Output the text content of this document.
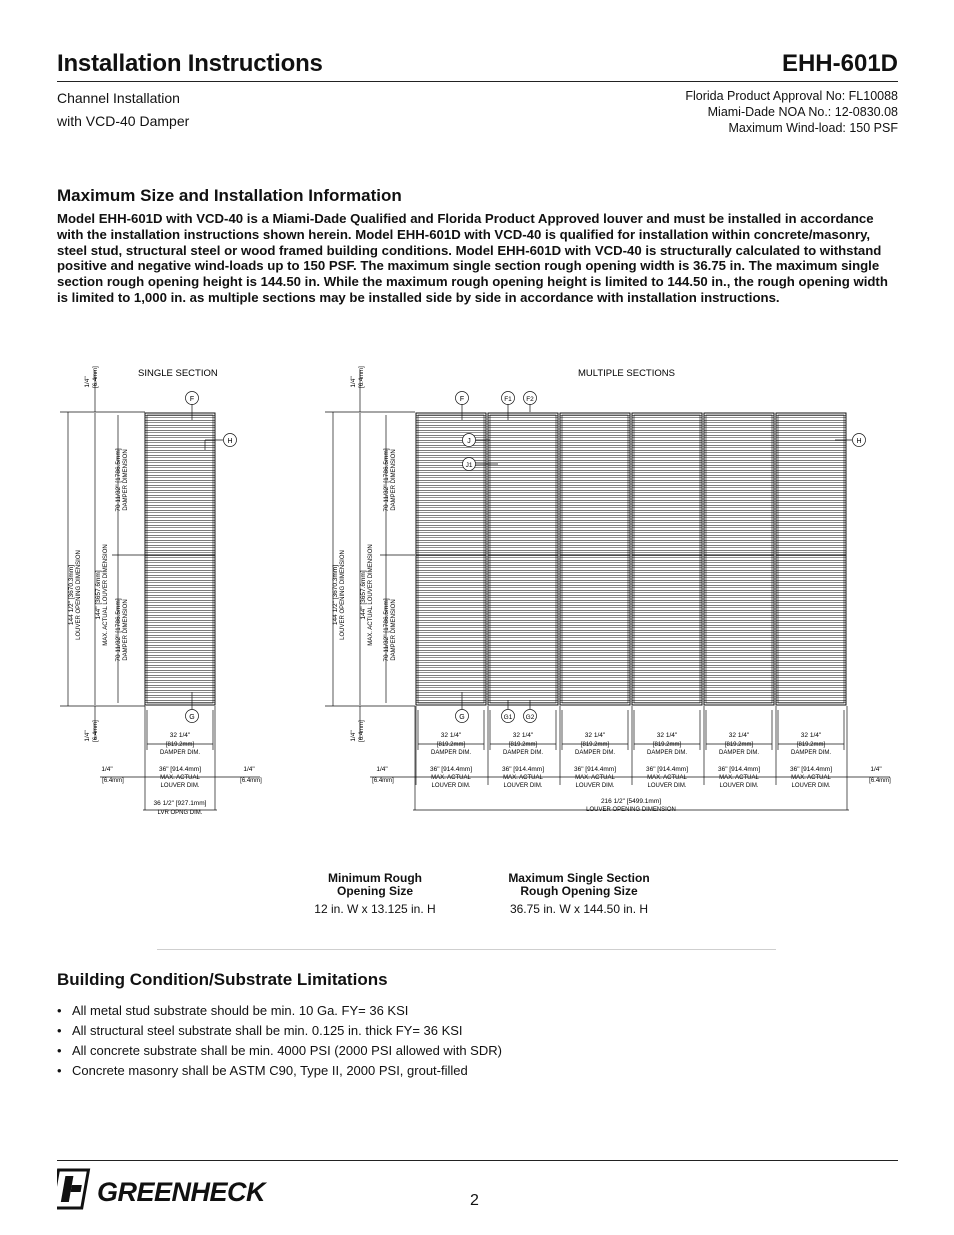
Installation Instructions	EHH-601D
Channel Installation
with VCD-40 Damper
Florida Product Approval No: FL10088
Miami-Dade NOA No.: 12-0830.08
Maximum Wind-load: 150 PSF
Maximum Size and Installation Information
Model EHH-601D with VCD-40 is a Miami-Dade Qualified and Florida Product Approved louver and must be installed in accordance with the installation instructions shown herein. Model EHH-601D with VCD-40 is qualified for installation within concrete/masonry, steel stud, structural steel or wood framed building conditions. Model EHH-601D with VCD-40 is structurally calculated to withstand positive and negative wind-loads up to 150 PSF. The maximum single section rough opening width is 36.75 in. The maximum single section rough opening height is 144.50 in. While the maximum rough opening height is limited to 144.50 in., the rough opening width is limited to 1,000 in. as multiple sections may be installed side by side in accordance with installation instructions.
SINGLE SECTION
144 1/2" [3670.3mm] LOUVER OPENING DIMENSION 144" [3657.6mm] MAX. ACTUAL LOUVER DIMENSION
70 11/32" [1786.5mm] DAMPER DIMENSION
70 11/32" [1786.5mm] DAMPER DIMENSION
1/4" [6.4mm]
1/4" [6.4mm]
F
H
G
32 1/4"
[819.2mm]
DAMPER DIM.
36" [914.4mm]
MAX. ACTUAL
LOUVER DIM.
1/4"
[6.4mm]
1/4"
[6.4mm]
36 1/2" [927.1mm]
LVR OPNG DIM.
MULTIPLE SECTIONS
144 1/2" [3670.3mm] LOUVER OPENING DIMENSION 144" [3657.6mm] MAX. ACTUAL LOUVER DIMENSION
70 11/32" [1786.5mm] DAMPER DIMENSION
70 11/32" [1786.5mm] DAMPER DIMENSION
1/4" [6.4mm]
1/4" [6.4mm]
F	F1 F2
J
J1
H
G	G1 G2
32 1/4"
[819.2mm]
DAMPER DIM.
36" [914.4mm]
MAX. ACTUAL
LOUVER DIM.
32 1/4"
[819.2mm]
DAMPER DIM.
36" [914.4mm]
MAX. ACTUAL
LOUVER DIM.
32 1/4"
[819.2mm]
DAMPER DIM.
36" [914.4mm]
MAX. ACTUAL
LOUVER DIM.
32 1/4"
[819.2mm]
DAMPER DIM.
36" [914.4mm]
MAX. ACTUAL
LOUVER DIM.
32 1/4"
[819.2mm]
DAMPER DIM.
36" [914.4mm]
MAX. ACTUAL
LOUVER DIM.
32 1/4"
[819.2mm]
DAMPER DIM.
36" [914.4mm]
MAX. ACTUAL
LOUVER DIM.
1/4"
[6.4mm]
1/4"
[6.4mm]
216 1/2" [5499.1mm]
LOUVER OPENING DIMENSION
Minimum Rough
Opening Size
12 in. W x 13.125 in. H
Maximum Single Section
Rough Opening Size
36.75 in. W x 144.50 in. H
Building Condition/Substrate Limitations
• All metal stud substrate should be min. 10 Ga. FY= 36 KSI
• All structural steel substrate shall be min. 0.125 in. thick FY= 36 KSI
• All concrete substrate shall be min. 4000 PSI (2000 PSI allowed with SDR)
• Concrete masonry shall be ASTM C90, Type II, 2000 PSI, grout-filled
GREENHECK	2
